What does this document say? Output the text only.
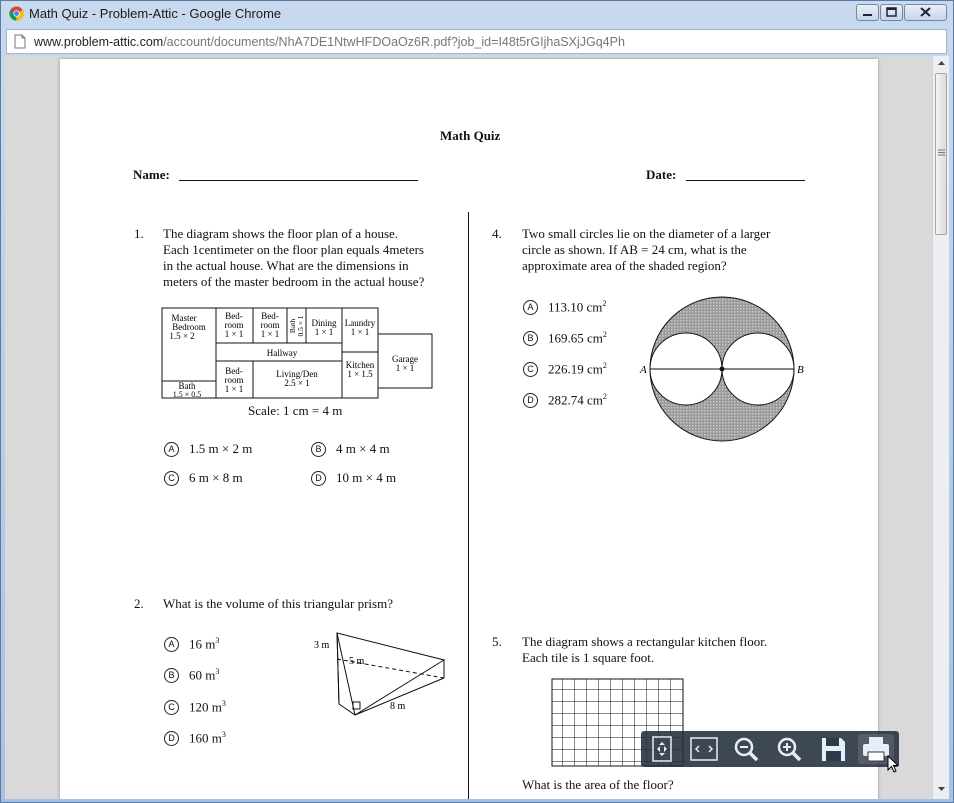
Math Quiz - Problem-Attic - Google Chrome
www.problem-attic.com/account/documents/NhA7DE1NtwHFDOaOz6R.pdf?job_id=I48t5rGIjhaSXjJGq4Ph
Math Quiz
Name:	Date:
1. The diagram shows the floor plan of a house.
Each 1centimeter on the floor plan equals 4meters
in the actual house. What are the dimensions in
meters of the master bedroom in the actual house?
Master
Bedroom
1.5 × 2
Bed-
room
1 × 1
Bed-
room
1 × 1
Bath 0.5 × 1 Dining
1 × 1
Laundry
1 × 1
Hallway
Kitchen
1 × 1.5
Garage
1 × 1
Bed-
room
1 × 1
Living/Den
2.5 × 1
Bath
1.5 × 0.5
Scale: 1 cm = 4 m
A 1.5 m × 2 m	B 4 m × 4 m
C 6 m × 8 m	D 10 m × 4 m
2. What is the volume of this triangular prism?
A 16 $m^3$
B 60 $m^3$
C 120 $m^3$
D 160 $m^3$
3 m
5 m
8 m
4. Two small circles lie on the diameter of a larger
circle as shown. If AB = 24 cm, what is the
approximate area of the shaded region?
A 113.10 $cm^2$
B 169.65 $cm^2$
C 226.19 $cm^2$
D 282.74 $cm^2$
A	B
5. The diagram shows a rectangular kitchen floor.
Each tile is 1 square foot.
What is the area of the floor?
